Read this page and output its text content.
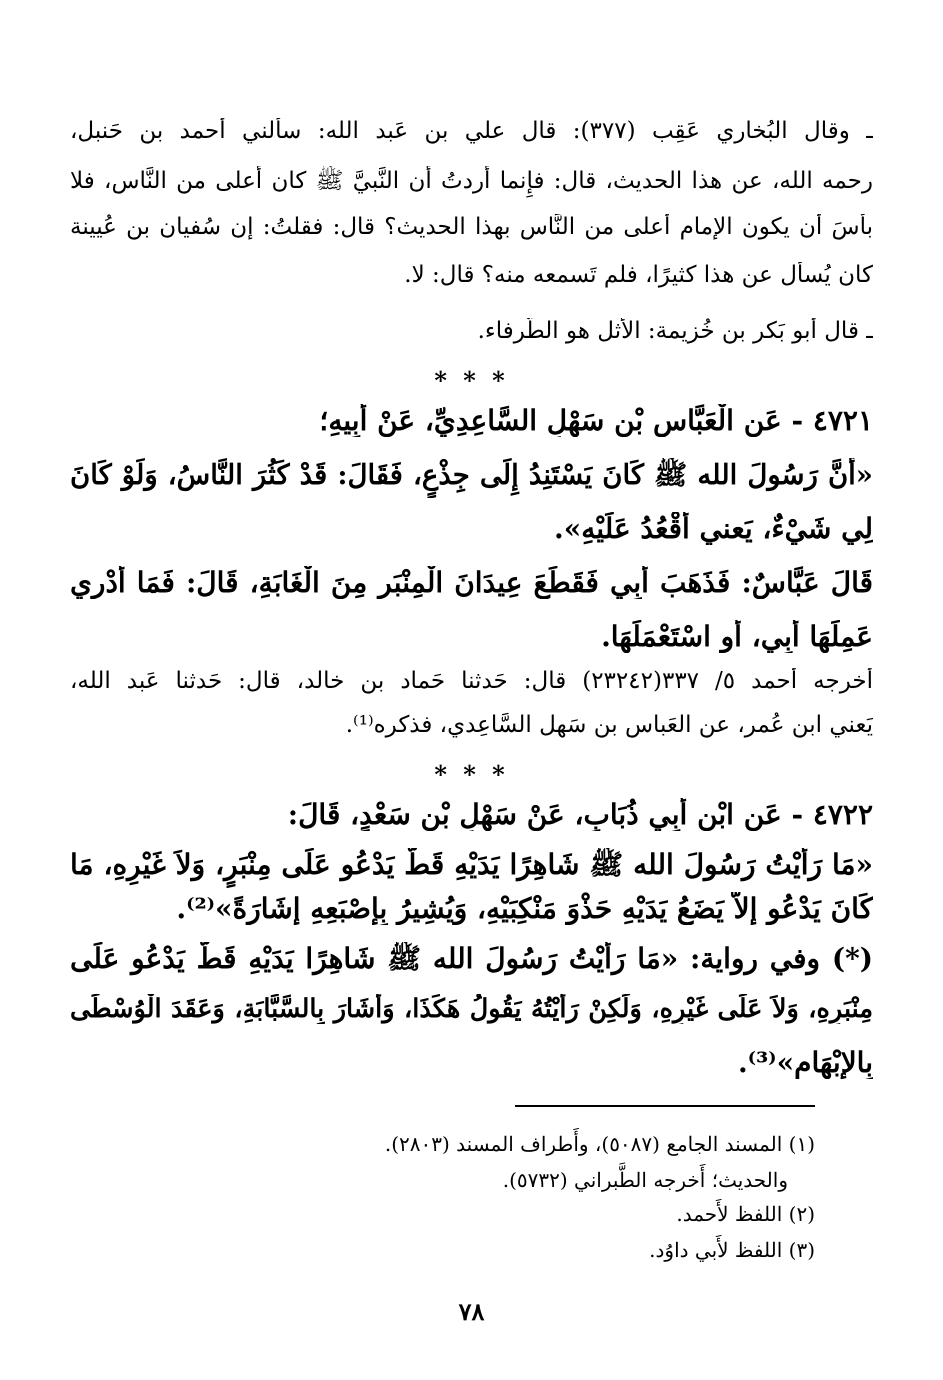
ـ وقال البُخاري عَقِب (٣٧٧): قال علي بن عَبد الله: سأَلني أَحمد بن حَنبل،
رحمه الله، عن هذا الحديث، قال: فإِنما أَردتُ أَن النَّبيَّ ﷺ كان أَعلى من النَّاس، فلا
بأسَ أَن يكون الإِمام أَعلى من النَّاس بهذا الحديث؟ قال: فقلتُ: إِن سُفيان بن عُيينة
كان يُسأَل عن هذا كثيرًا، فلم تَسمعه منه؟ قال: لا.
ـ قال أَبو بَكر بن خُزيمة: الأَثل هو الطَّرفاء.
* * *
٤٧٢١ - عَنِ الْعَبَّاسِ بْنِ سَهْلِ السَّاعِدِيِّ، عَنْ أَبِيهِ؛
«أَنَّ رَسُولَ الله ﷺ كَانَ يَسْتَنِدُ إِلَى جِذْعٍ، فَقَالَ: قَدْ كَثُرَ النَّاسُ، وَلَوْ كَانَ
لِي شَيْءٌ، يَعني أَقْعُدُ عَلَيْهِ».
قَالَ عَبَّاسٌ: فَذَهَبَ أَبِي فَقَطَعَ عِيدَانَ الْمِنْبَرِ مِنَ الْغَابَةِ، قَالَ: فَمَا أَدْرِي
عَمِلَهَا أَبِي، أَوِ اسْتَعْمَلَهَا.
أَخرجه أَحمد ٥/ ٣٣٧(٢٣٢٤٢) قال: حَدثنا حَماد بن خالد، قال: حَدثنا عَبد الله،
يَعني ابن عُمر، عن العَباس بن سَهل السَّاعِدي، فذكره⁽¹⁾.
* * *
٤٧٢٢ - عَنِ ابْنِ أَبِي ذُبَابٍ، عَنْ سَهْلِ بْنِ سَعْدٍ، قَالَ:
«مَا رَأَيْتُ رَسُولَ الله ﷺ شَاهِرًا يَدَيْهِ قَطُّ يَدْعُو عَلَى مِنْبَرٍ، وَلاَ غَيْرِهِ، مَا
كَانَ يَدْعُو إِلاَّ يَضَعُ يَدَيْهِ حَذْوَ مَنْكِبَيْهِ، وَيُشِيرُ بِإِصْبَعِهِ إِشَارَةً»⁽²⁾.
(*) وفي رواية: «مَا رَأَيْتُ رَسُولَ الله ﷺ شَاهِرًا يَدَيْهِ قَطُّ يَدْعُو عَلَى
مِنْبَرِهِ، وَلاَ عَلَى غَيْرِهِ، وَلَكِنْ رَأَيْتُهُ يَقُولُ هَكَذَا، وَأَشَارَ بِالسَّبَّابَةِ، وَعَقَدَ الْوُسْطَى
بِالإِبْهَامِ»⁽³⁾.
(١) المسند الجامع (٥٠٨٧)، وأَطراف المسند (٢٨٠٣).
والحديث؛ أَخرجه الطَّبراني (٥٧٣٢).
(٢) اللفظ لأَحمد.
(٣) اللفظ لأَبي داوُد.
٧٨
